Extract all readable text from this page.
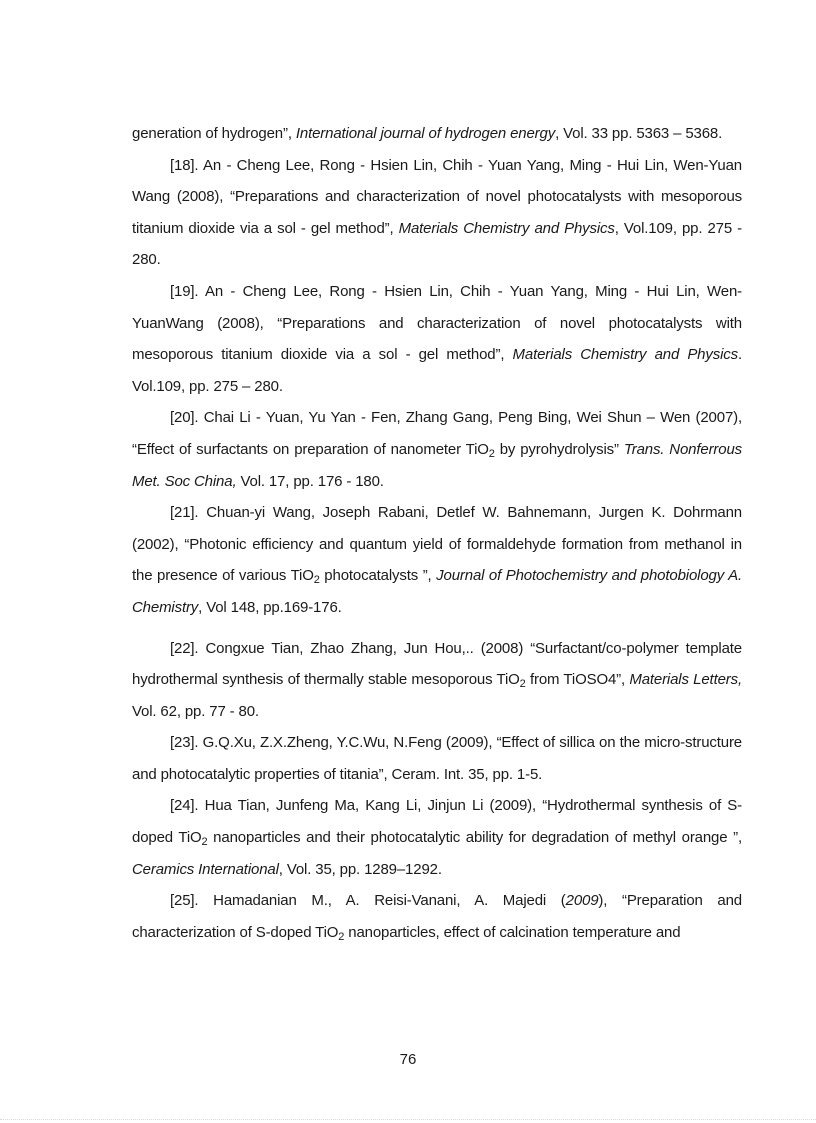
generation of hydrogen”, International journal of hydrogen energy, Vol. 33 pp. 5363 – 5368.

[18]. An - Cheng Lee, Rong - Hsien Lin, Chih - Yuan Yang, Ming - Hui Lin, Wen-Yuan Wang (2008), “Preparations and characterization of novel photocatalysts with mesoporous titanium dioxide via a sol - gel method”, Materials Chemistry and Physics, Vol.109, pp. 275 - 280.

[19]. An - Cheng Lee, Rong - Hsien Lin, Chih - Yuan Yang, Ming - Hui Lin, Wen-YuanWang (2008), “Preparations and characterization of novel photocatalysts with mesoporous titanium dioxide via a sol - gel method”, Materials Chemistry and Physics. Vol.109, pp. 275 – 280.

[20]. Chai Li - Yuan, Yu Yan - Fen, Zhang Gang, Peng Bing, Wei Shun – Wen (2007), “Effect of surfactants on preparation of nanometer TiO$_2$ by pyrohydrolysis” Trans. Nonferrous Met. Soc China, Vol. 17, pp. 176 - 180.

[21]. Chuan-yi Wang, Joseph Rabani, Detlef W. Bahnemann, Jurgen K. Dohrmann (2002), “Photonic efficiency and quantum yield of formaldehyde formation from methanol in the presence of various TiO$_2$ photocatalysts ”, Journal of Photochemistry and photobiology A. Chemistry, Vol 148, pp.169-176.

[22]. Congxue Tian, Zhao Zhang, Jun Hou,.. (2008) “Surfactant/co-polymer template hydrothermal synthesis of thermally stable mesoporous TiO$_2$ from TiOSO4”, Materials Letters, Vol. 62, pp. 77 - 80.

[23]. G.Q.Xu, Z.X.Zheng, Y.C.Wu, N.Feng (2009), “Effect of sillica on the micro-structure and photocatalytic properties of titania”, Ceram. Int. 35, pp. 1-5.

[24]. Hua Tian, Junfeng Ma, Kang Li, Jinjun Li (2009), “Hydrothermal synthesis of S-doped TiO$_2$ nanoparticles and their photocatalytic ability for degradation of methyl orange ”, Ceramics International, Vol. 35, pp. 1289–1292.

[25]. Hamadanian M., A. Reisi-Vanani, A. Majedi (2009), “Preparation and characterization of S-doped TiO$_2$ nanoparticles, effect of calcination temperature and

76
